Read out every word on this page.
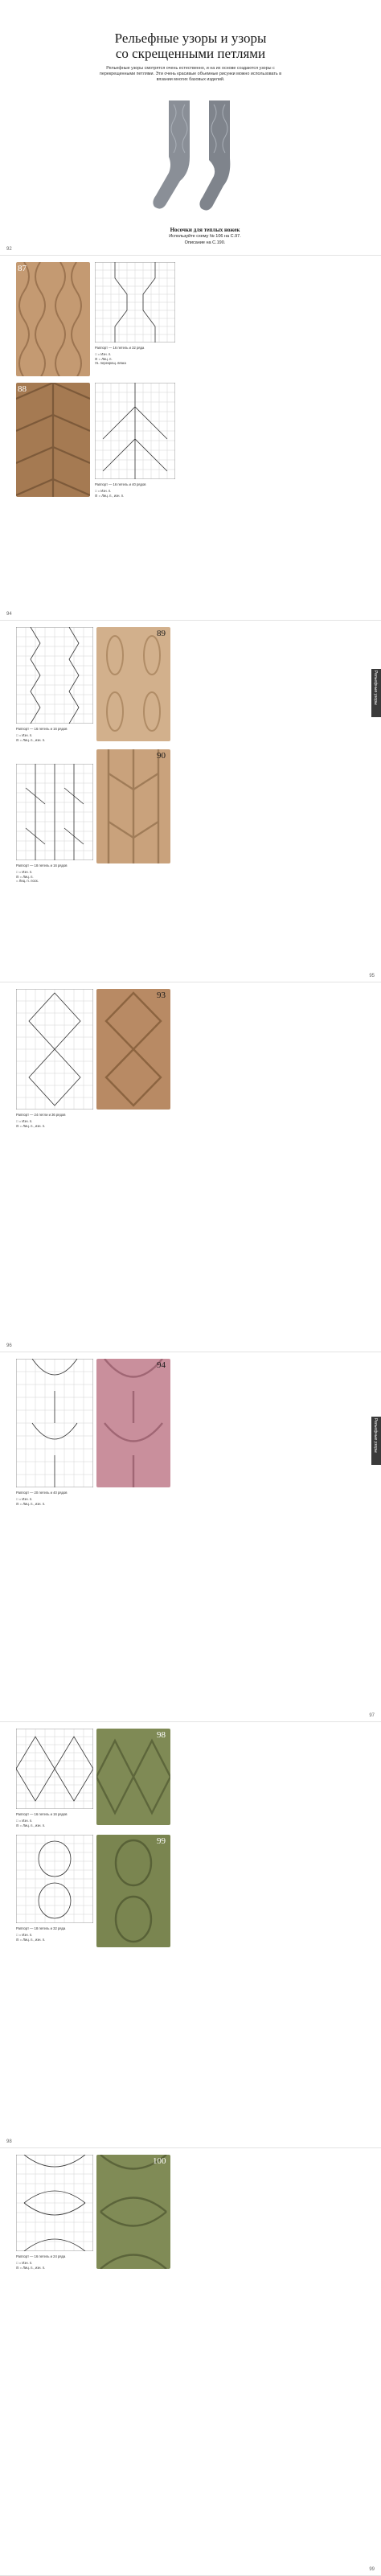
Рельефные узоры и узоры
со скрещенными петлями
Рельефные узоры смотрятся очень естественно, и на их основе создаются узоры с перекрещенными петлями. Эти очень красивые объемные рисунки можно использовать в вязании многих базовых изделий.
Носочки для теплых ножек
Используйте схему № 106 на С.97.
Описание на С.190.
92
87
Раппорт — 16 петель и 32 ряда
□ = Изн. п.
⊟ = Лиц. п.
Уз. перекрещ. вязка
88
Раппорт — 16 петель и 40 рядов
□ = Изн. п.
⊟ = Лиц. п., изн. п.
94
Рельефные узоры
Раппорт — 16 петель и 16 рядов
□ = Изн. п.
⊟ = Лиц. п., изн. п.
89
Раппорт — 18 петель и 16 рядов
□ = Изн. п.
⊟ = Лиц. п.
= Лиц. п. лоск.
90
95
Раппорт — 24 петли и 36 рядов
□ = Изн. п.
⊟ = Лиц. п., изн. п.
93
96
Рельефные узоры
Раппорт — 20 петель и 40 рядов
□ = Изн. п.
⊟ = Лиц. п., изн. п.
94
97
Раппорт — 16 петель и 16 рядов
□ = Изн. п.
⊟ = Лиц. п., изн. п.
98
Раппорт — 18 петель и 32 ряда
□ = Изн. п.
⊟ = Лиц. п., изн. п.
99
98
Раппорт — 16 петель и 24 ряда
□ = Изн. п.
⊟ = Лиц. п., изн. п.
100
99
